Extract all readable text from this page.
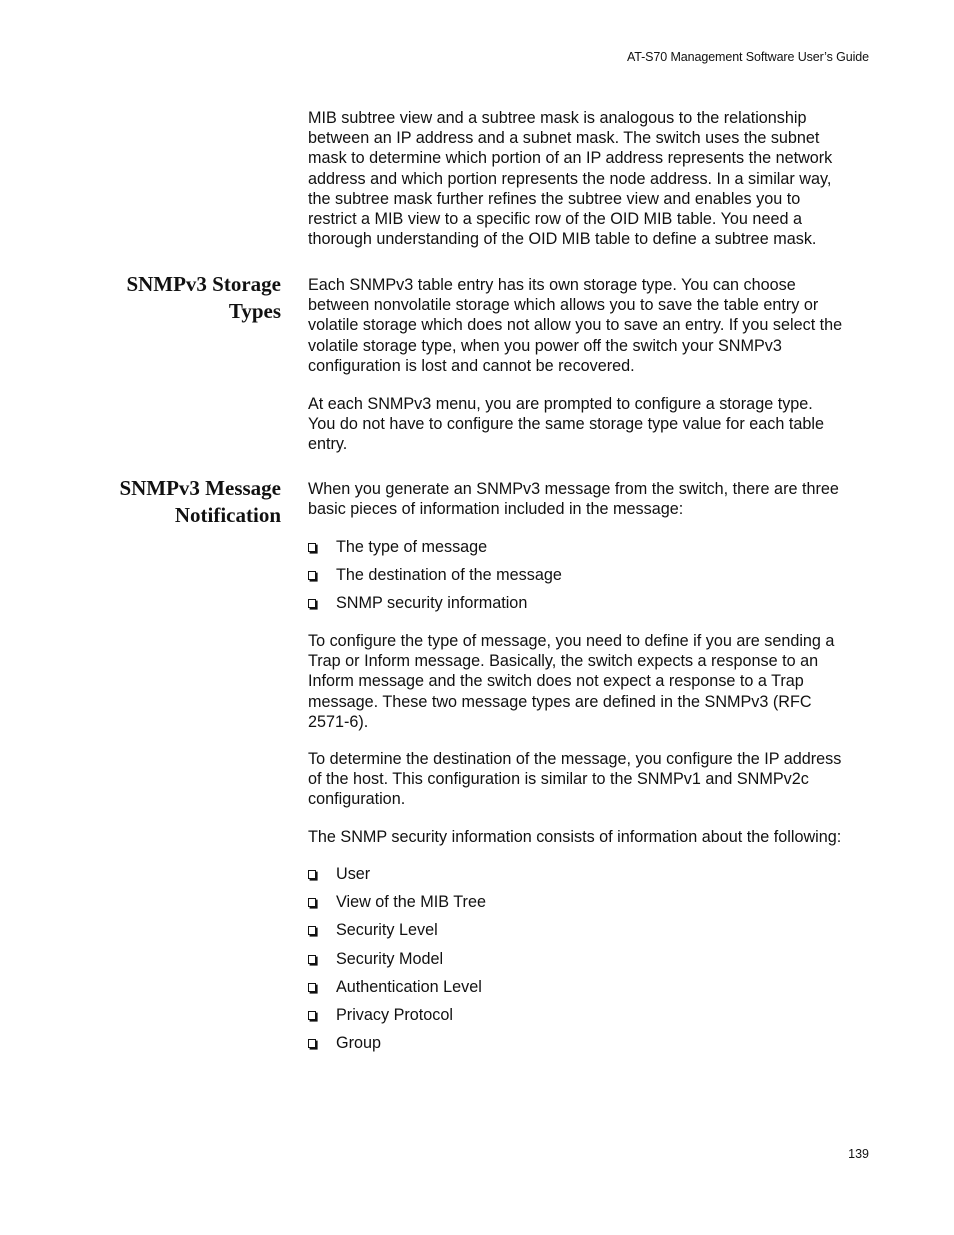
AT-S70 Management Software User’s Guide
MIB subtree view and a subtree mask is analogous to the relationship
between an IP address and a subnet mask. The switch uses the subnet
mask to determine which portion of an IP address represents the network
address and which portion represents the node address. In a similar way,
the subtree mask further refines the subtree view and enables you to
restrict a MIB view to a specific row of the OID MIB table. You need a
thorough understanding of the OID MIB table to define a subtree mask.
SNMPv3 Storage
Types
Each SNMPv3 table entry has its own storage type. You can choose
between nonvolatile storage which allows you to save the table entry or
volatile storage which does not allow you to save an entry. If you select the
volatile storage type, when you power off the switch your SNMPv3
configuration is lost and cannot be recovered.
At each SNMPv3 menu, you are prompted to configure a storage type.
You do not have to configure the same storage type value for each table
entry.
SNMPv3 Message
Notification
When you generate an SNMPv3 message from the switch, there are three
basic pieces of information included in the message:
The type of message
The destination of the message
SNMP security information
To configure the type of message, you need to define if you are sending a
Trap or Inform message. Basically, the switch expects a response to an
Inform message and the switch does not expect a response to a Trap
message. These two message types are defined in the SNMPv3 (RFC
2571-6).
To determine the destination of the message, you configure the IP address
of the host. This configuration is similar to the SNMPv1 and SNMPv2c
configuration.
The SNMP security information consists of information about the following:
User
View of the MIB Tree
Security Level
Security Model
Authentication Level
Privacy Protocol
Group
139
